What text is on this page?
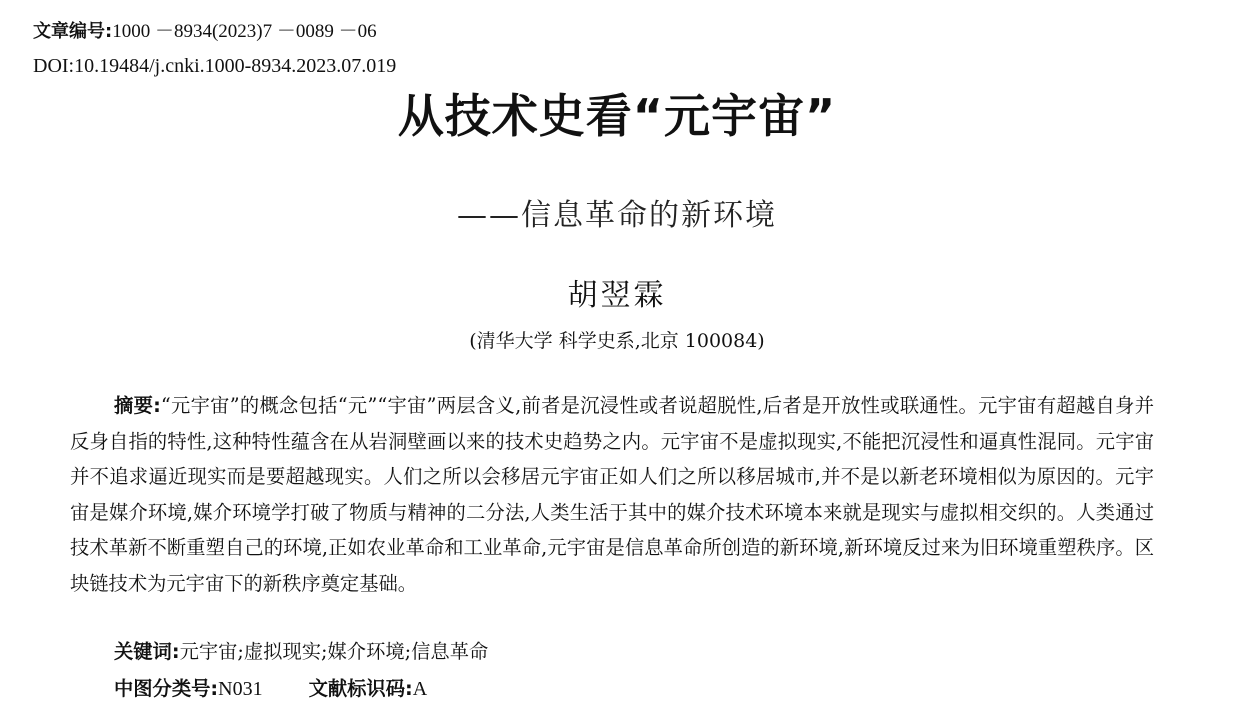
文章编号:1000 －8934(2023)7 －0089 －06
DOI:10.19484/j.cnki.1000-8934.2023.07.019
从技术史看“元宇宙”
——信息革命的新环境
胡翌霖
(清华大学 科学史系,北京 100084)

摘要:“元宇宙”的概念包括“元”“宇宙”两层含义,前者是沉浸性或者说超脱性,后者是开放性或联通性。元宇宙有超越自身并反身自指的特性,这种特性蕴含在从岩洞壁画以来的技术史趋势之内。元宇宙不是虚拟现实,不能把沉浸性和逼真性混同。元宇宙并不追求逼近现实而是要超越现实。人们之所以会移居元宇宙正如人们之所以移居城市,并不是以新老环境相似为原因的。元宇宙是媒介环境,媒介环境学打破了物质与精神的二分法,人类生活于其中的媒介技术环境本来就是现实与虚拟相交织的。人类通过技术革新不断重塑自己的环境,正如农业革命和工业革命,元宇宙是信息革命所创造的新环境,新环境反过来为旧环境重塑秩序。区块链技术为元宇宙下的新秩序奠定基础。

关键词:元宇宙;虚拟现实;媒介环境;信息革命
中图分类号:N031 文献标识码:A
